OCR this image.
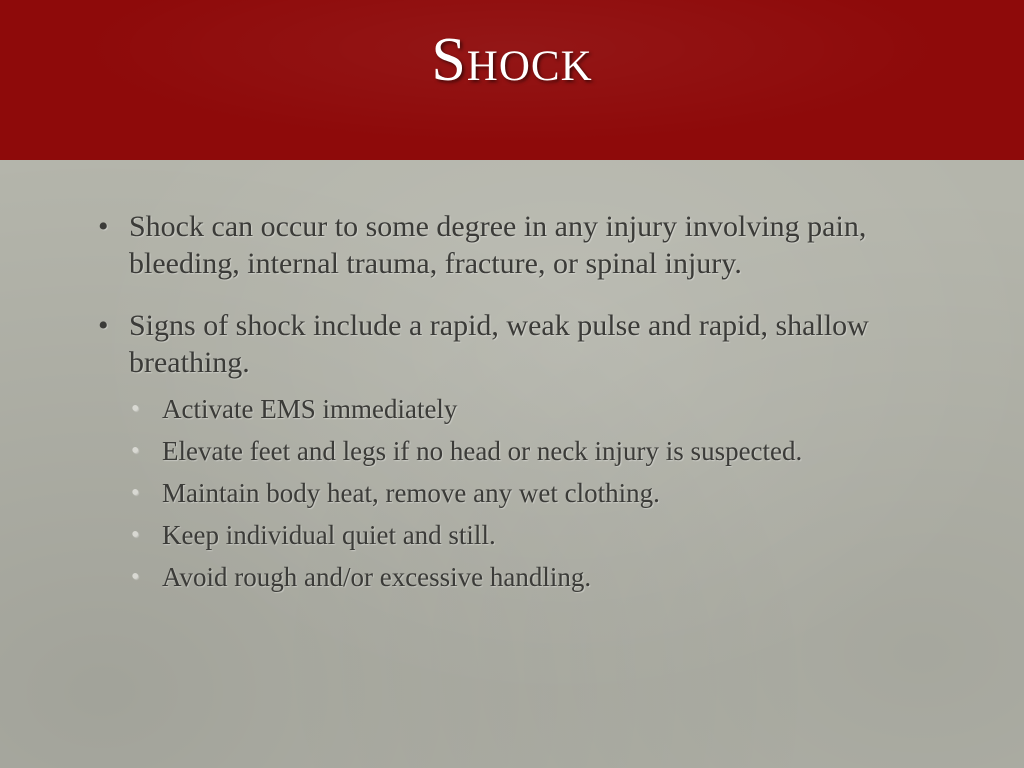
Shock
• Shock can occur to some degree in any injury involving pain, bleeding, internal trauma, fracture, or spinal injury.
• Signs of shock include a rapid, weak pulse and rapid, shallow breathing.
• Activate EMS immediately
• Elevate feet and legs if no head or neck injury is suspected.
• Maintain body heat, remove any wet clothing.
• Keep individual quiet and still.
• Avoid rough and/or excessive handling.
